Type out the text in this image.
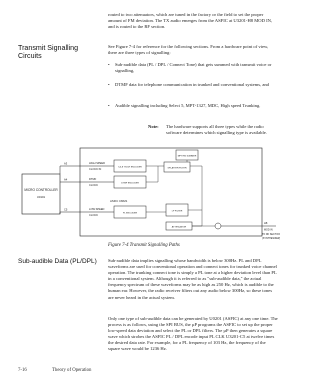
routed to two attenuators, which are tuned in the factory or the field to set the proper amount of FM deviation. The TX audio emerges from the ASFIC at U3201-H8 MOD IN, and is routed to the RF section.
Transmit Signalling
Circuits
See Figure 7-4 for reference for the following sections. From a hardware point of view, there are three types of signalling:
• Sub-audible data (PL / DPL / Connect Tone) that gets summed with transmit voice or signalling,
• DTMF data for telephone communication in trunked and conventional systems, and
• Audible signalling including Select 5, MPT-1327, MDC, High speed Trunking.
Note: The hardware supports all three types while the radio software determines which signalling type is available.
MICRO CONTROLLER
U0101
ASFIC CMM1
A3
A4
C5
HIGH SPEED
CLOCK IN
DTMF
CLOCK
LOW SPEED
CLOCK
MPT/HS SUMMER
5,6,8 TX/CH ENCODER	SPLATTER FILTER
DTMF ENCODER
PL ENCODER
LP FILTER
ATTENUATOR
H8
MOD IN
TO RF SECTION
(SYNTHESIZER)
Figure 7-4 Transmit Signalling Paths
Sub-audible Data (PL/DPL)	Sub-audible data implies signalling whose bandwidth is below 300Hz. PL and DPL waveforms are used for conventional operation and connect tones for trunked voice channel operation. The trunking connect tone is simply a PL tone at a higher deviation level than PL in a conventional system. Although it is referred to as "sub-audible data," the actual frequency spectrum of these waveforms may be as high as 250 Hz, which is audible to the human ear. However, the radio receiver filters out any audio below 300Hz, so these tones are never heard in the actual system.
Only one type of sub-audible data can be generated by U0201 (ASFIC) at any one time. The process is as follows, using the SPI BUS, the µP programs the ASFIC to set up the proper low-speed data deviation and select the PL or DPL filters. The µP then generates a square wave which strobes the ASFIC PL / DPL encode input PL CLK U3201-C5 at twelve times the desired data rate. For example, for a PL frequency of 103 Hz, the frequency of the square wave would be 1236 Hz.
7-16	Theory of Operation
